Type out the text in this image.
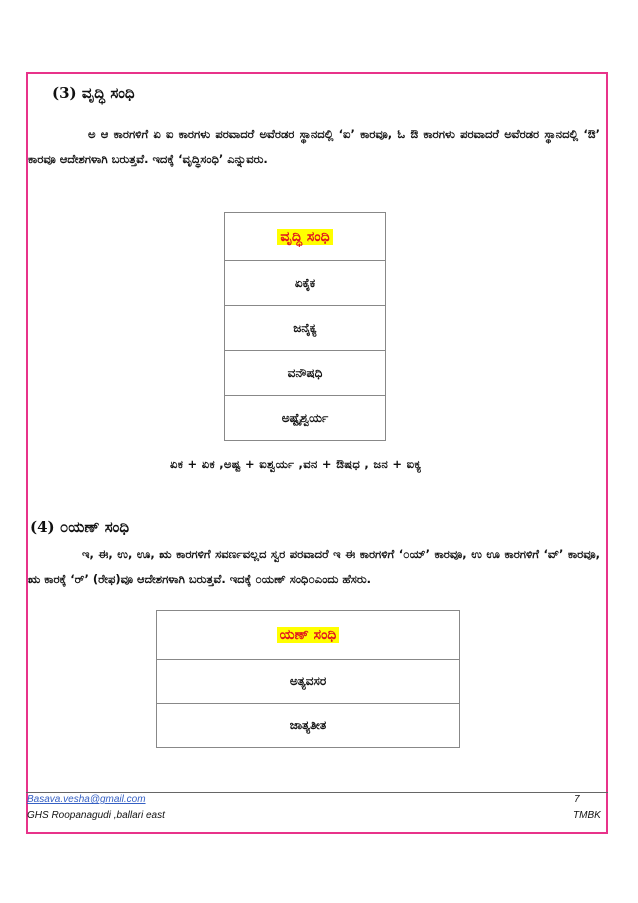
(3) ವೃದ್ಧಿ ಸಂಧಿ
ಅ ಆ ಕಾರಗಳಿಗೆ ಏ ಐ ಕಾರಗಳು ಪರವಾದರೆ ಅವೆರಡರ ಸ್ಥಾನದಲ್ಲಿ ‘ಐ’ ಕಾರವೂ, ಓ ಔ ಕಾರಗಳು ಪರವಾದರೆ ಅವೆರಡರ ಸ್ಥಾನದಲ್ಲಿ ‘ಔ’ ಕಾರವೂ ಆದೇಶಗಳಾಗಿ ಬರುತ್ತವೆ. ಇದಕ್ಕೆ ‘ವೃದ್ಧಿಸಂಧಿ’ ಎನ್ನುವರು.
ವೃದ್ಧಿ ಸಂಧಿ
ಏಕೈಕ
ಜನೈಕ್ಯ
ವನೌಷಧಿ
ಅಷ್ಟೈಶ್ವರ್ಯ
ಏಕ + ಏಕ ,ಅಷ್ಟ + ಐಶ್ವರ್ಯ ,ವನ + ಔಷಧ , ಜನ + ಐಕ್ಯ
(4) ೦ಯಣ್ ಸಂಧಿ
ಇ, ಈ, ಉ, ಊ, ಋ ಕಾರಗಳಿಗೆ ಸವರ್ಣವಲ್ಲದ ಸ್ವರ ಪರವಾದರೆ ಇ ಈ ಕಾರಗಳಿಗೆ ‘೦ಯ್’ ಕಾರವೂ, ಉ ಊ ಕಾರಗಳಿಗೆ ‘ವ್’ ಕಾರವೂ, ಋ ಕಾರಕ್ಕೆ ‘ರ್’ (ರೇಫ)ವೂ ಆದೇಶಗಳಾಗಿ ಬರುತ್ತವೆ. ಇದಕ್ಕೆ ೦ಯಣ್ ಸಂಧಿ೦ಎಂದು ಹೆಸರು.
ಯಣ್ ಸಂಧಿ
ಅತ್ಯವಸರ
ಜಾತ್ಯತೀತ
Basava.vesha@gmail.com	7
GHS Roopanagudi ,ballari east	TMBK
